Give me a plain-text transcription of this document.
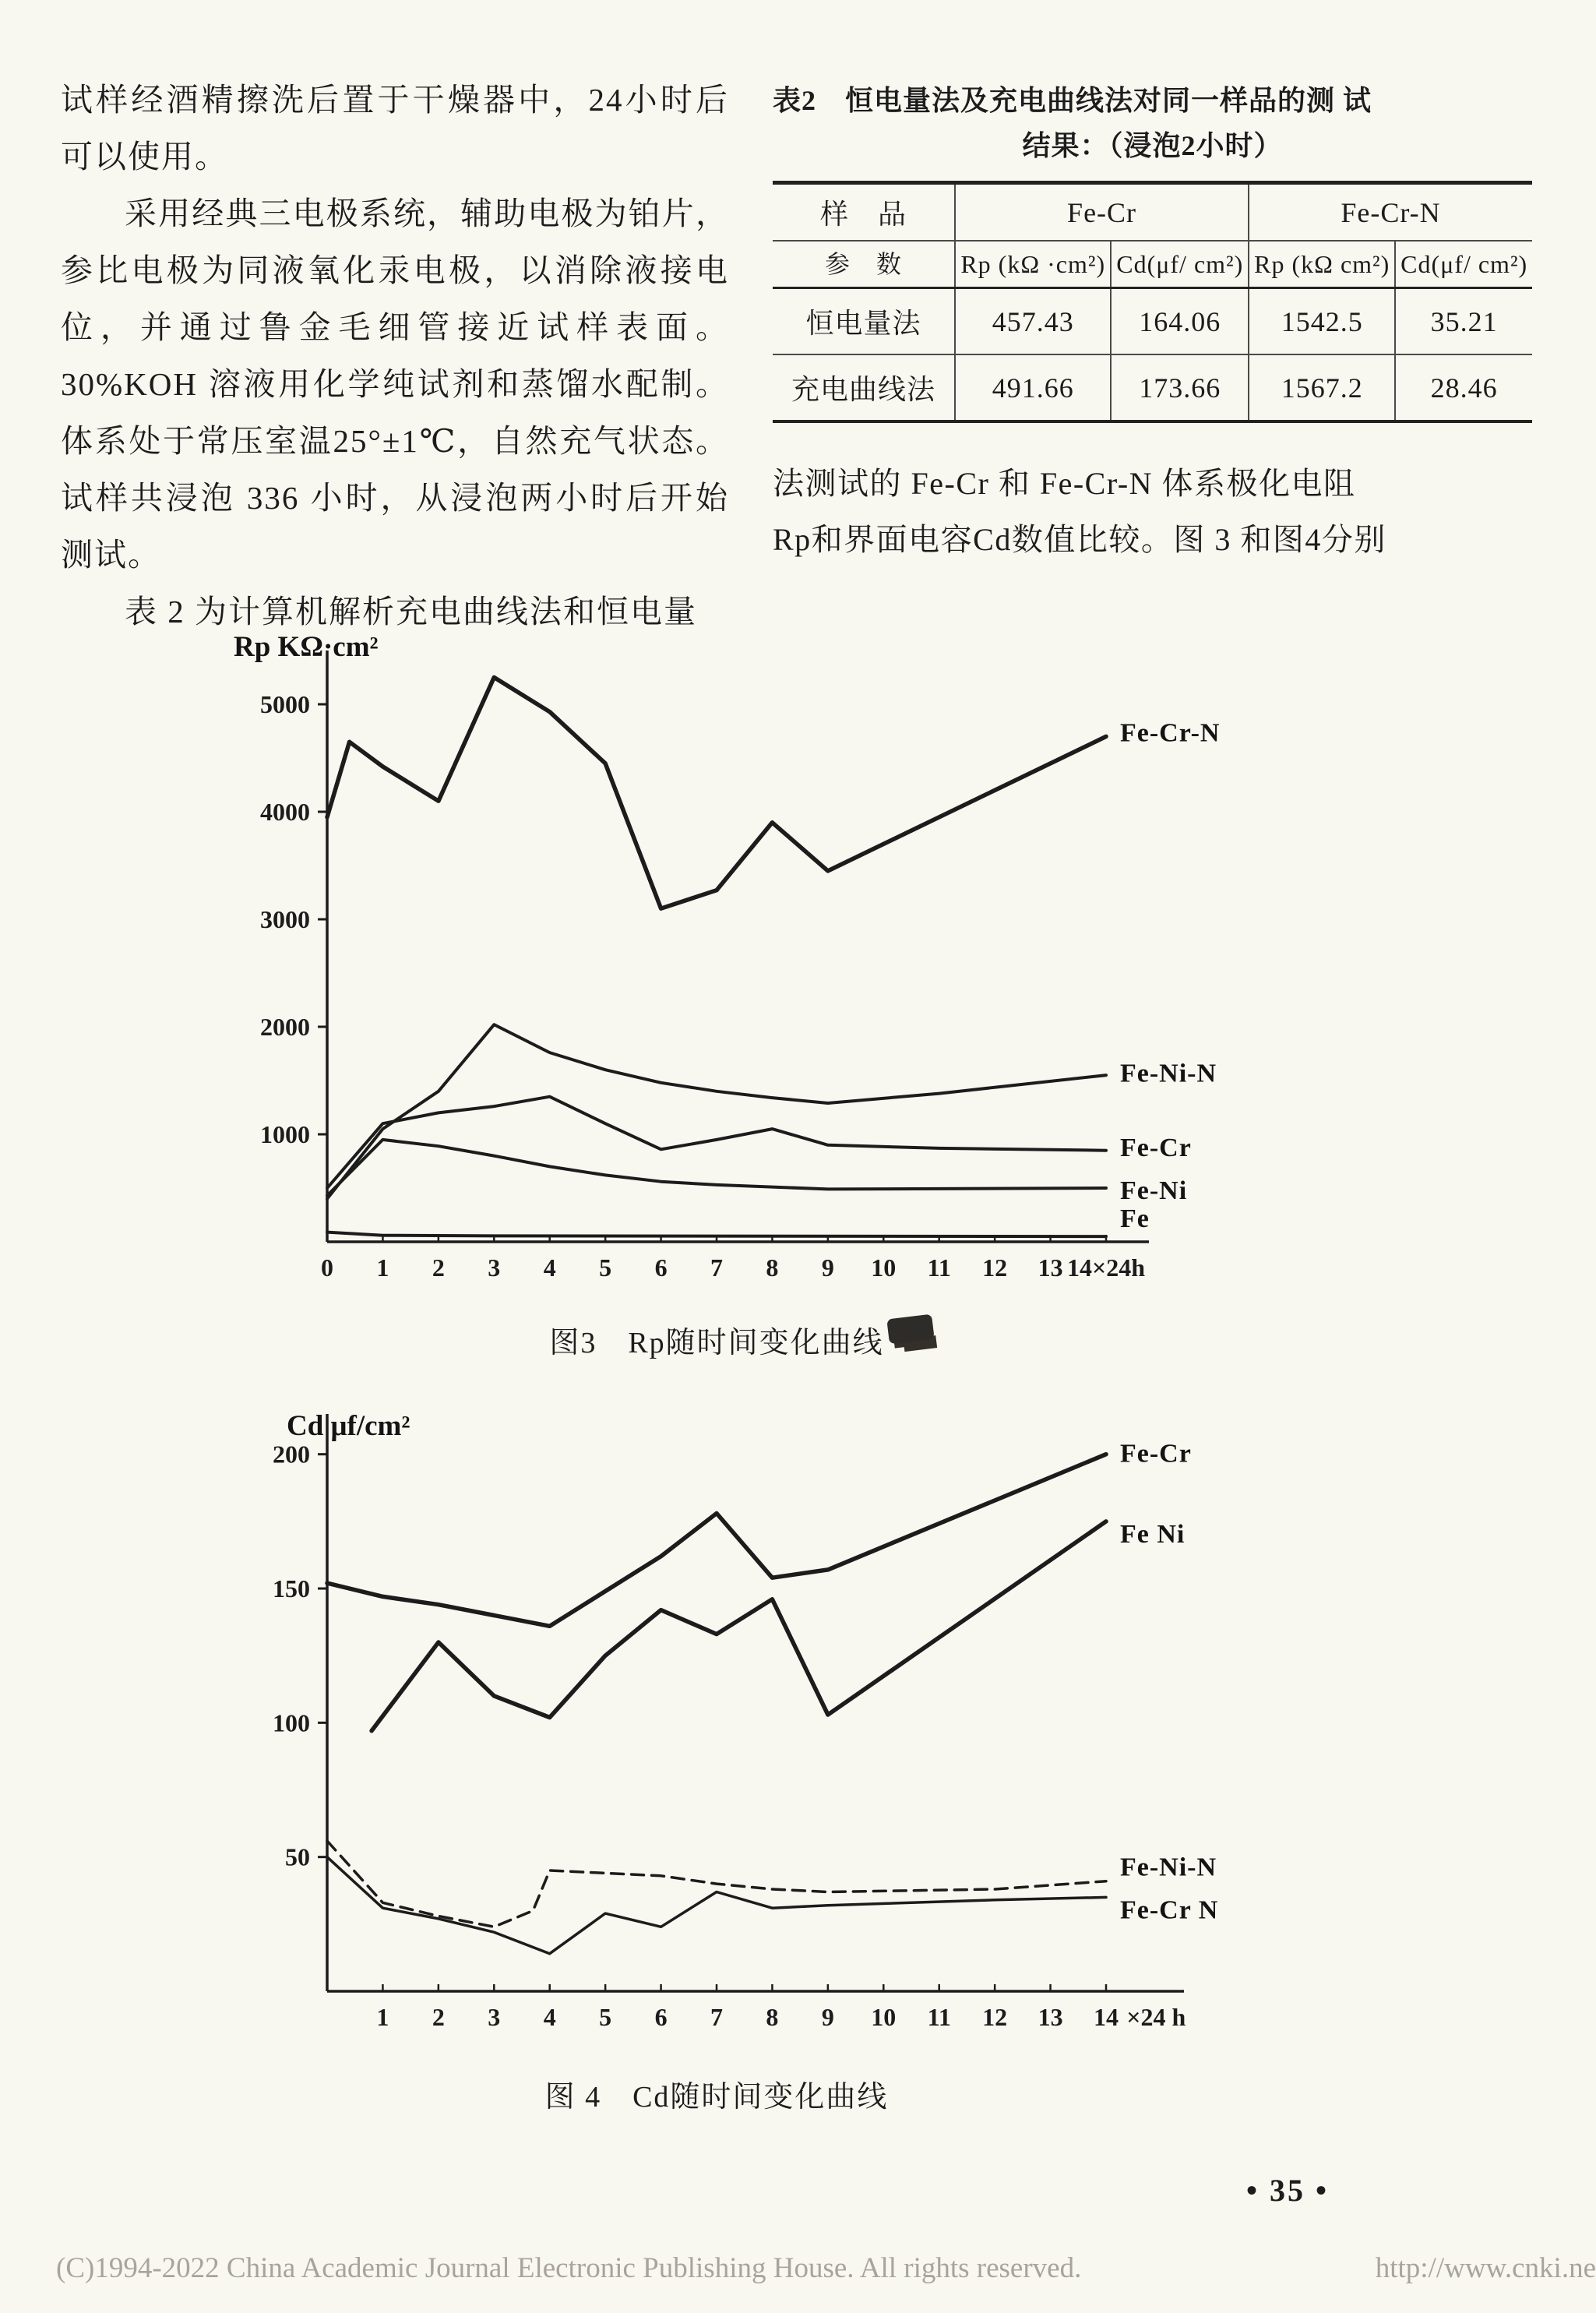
试样经酒精擦洗后置于干燥器中，24小时后可以使用。

采用经典三电极系统，辅助电极为铂片，参比电极为同液氧化汞电极，以消除液接电位，并通过鲁金毛细管接近试样表面。30%KOH 溶液用化学纯试剂和蒸馏水配制。体系处于常压室温25°±1℃，自然充气状态。试样共浸泡 336 小时，从浸泡两小时后开始测试。

表 2 为计算机解析充电曲线法和恒电量

表2　恒电量法及充电曲线法对同一样品的测 试
结果：（浸泡2小时）
样　品	Fe-Cr		Fe-Cr-N	
参　数	Rp (kΩ ·cm²)	Cd(μf/ cm²)	Rp (kΩ cm²)	Cd(μf/ cm²)
恒电量法	457.43	164.06	1542.5	35.21
充电曲线法	491.66	173.66	1567.2	28.46
法测试的 Fe-Cr 和 Fe-Cr-N 体系极化电阻
Rp和界面电容Cd数值比较。图 3 和图4分别
1000
2000
3000
4000
5000
0 1 2 3 4 5 6 7 8 9 10 11 12 13 14×24h
Rp KΩ·cm²
Fe-Cr-N
Fe-Ni-N
Fe-Cr
Fe-Ni
Fe
图3　Rp随时间变化曲线
50
100
150
200
1 2 3 4 5 6 7 8 9 10 11 12 13 14 ×24 h
Cd μf/cm²
Fe-Cr
Fe Ni
Fe-Ni-N
Fe-Cr N
图 4　Cd随时间变化曲线
• 35 •
(C)1994-2022 China Academic Journal Electronic Publishing House. All rights reserved.	http://www.cnki.ne
